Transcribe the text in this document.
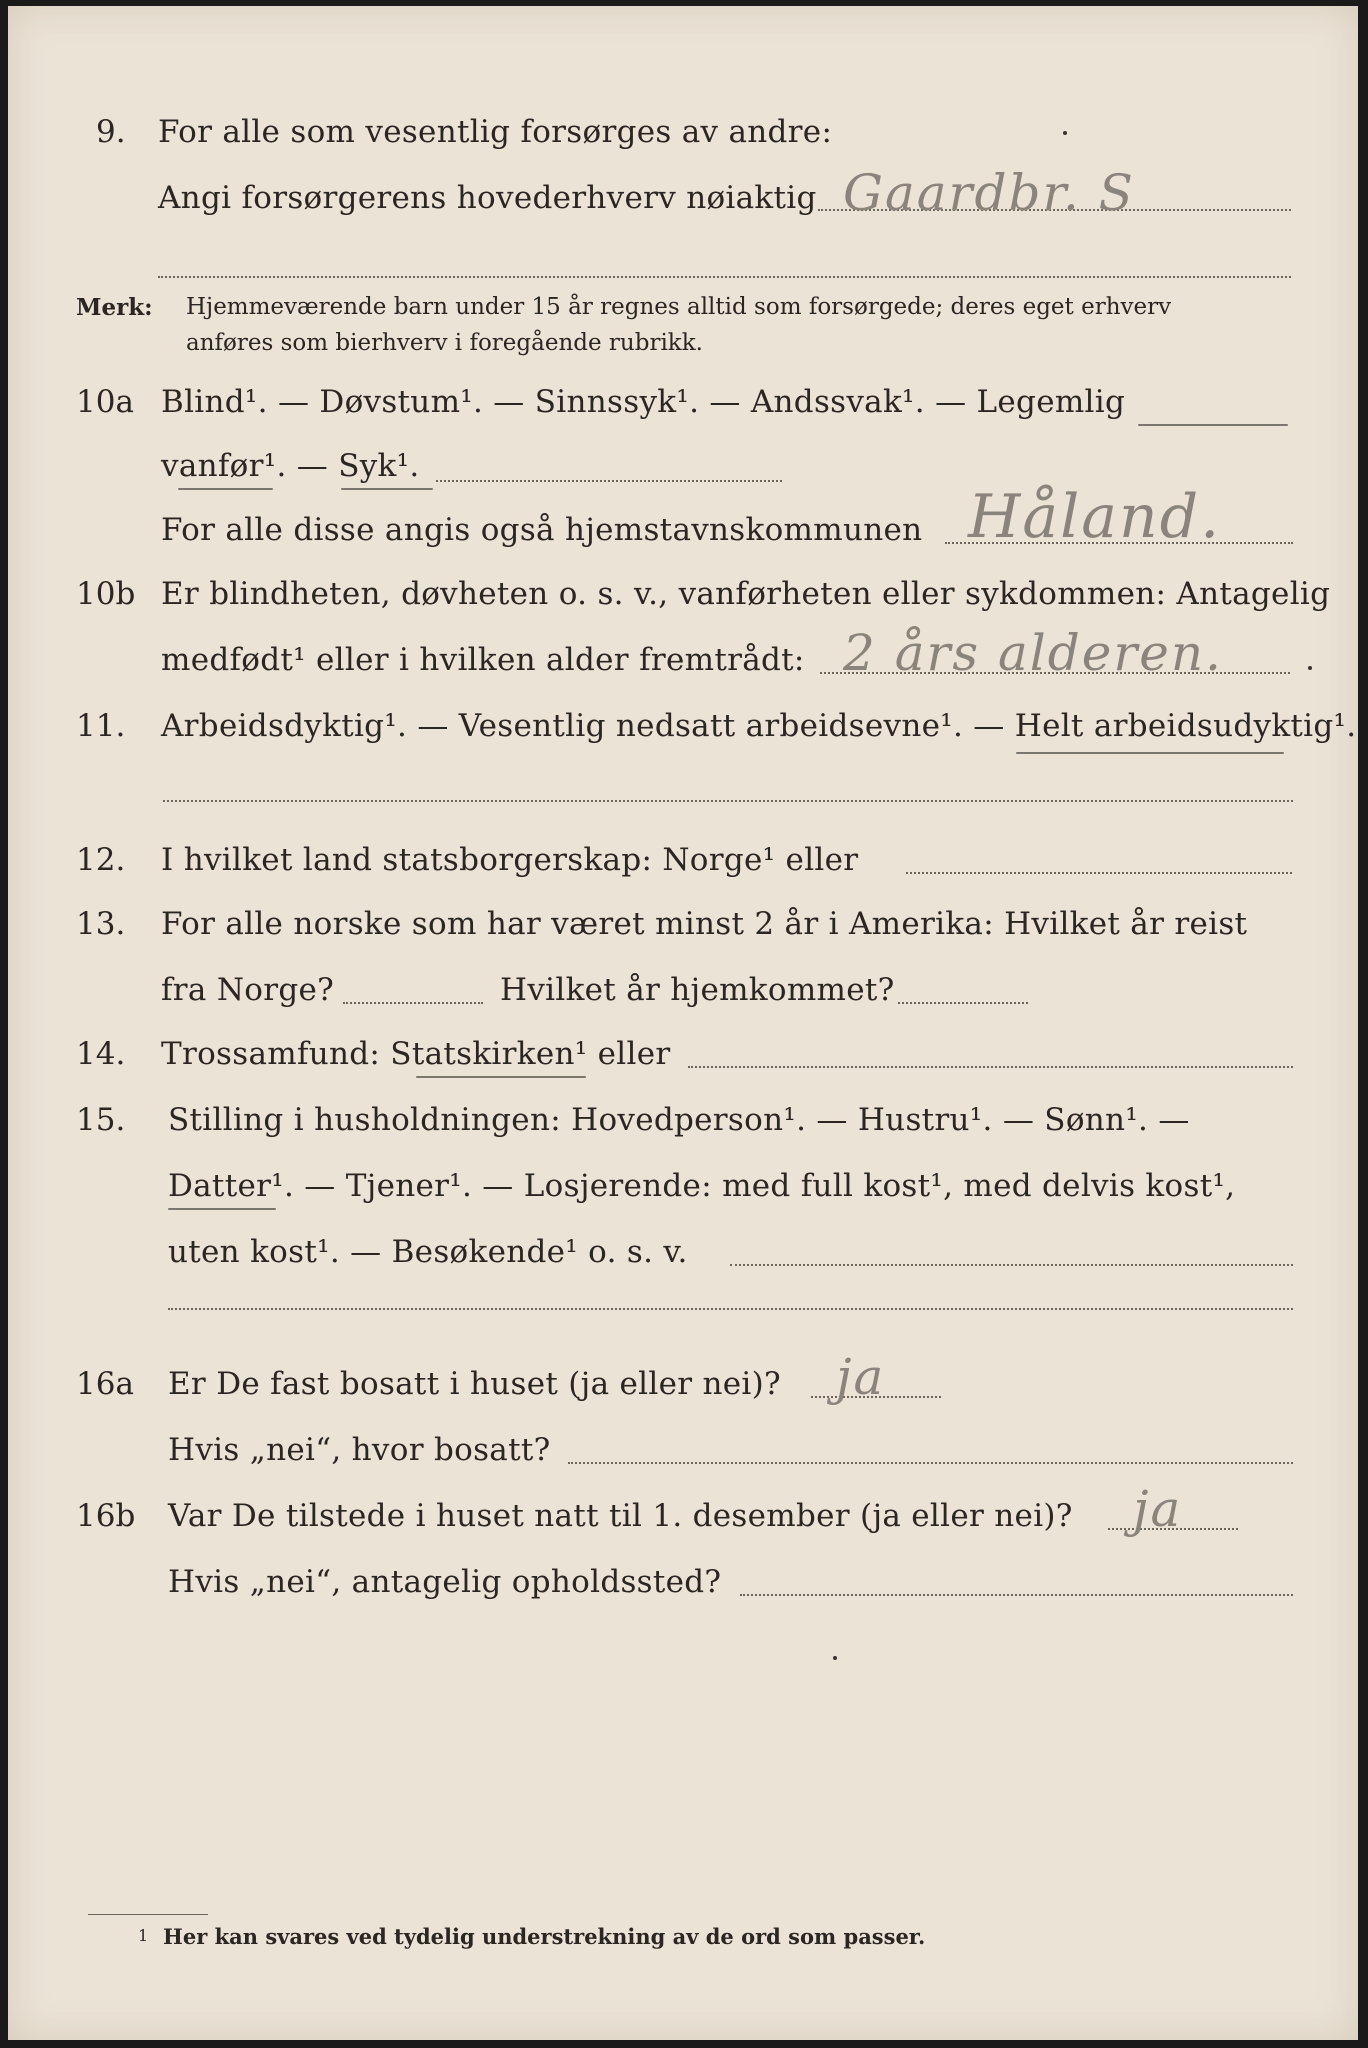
9. For alle som vesentlig forsørges av andre:
Angi forsørgerens hovederhverv nøiaktig Gaardbr. S
Merk: Hjemmeværende barn under 15 år regnes alltid som forsørgede; deres eget erhverv
anføres som bierhverv i foregående rubrikk.
10a Blind¹. — Døvstum¹. — Sinnssyk¹. — Andssvak¹. — Legemlig
vanfør¹. — Syk¹.
For alle disse angis også hjemstavnskommunen Håland.
10b Er blindheten, døvheten o. s. v., vanførheten eller sykdommen: Antagelig
medfødt¹ eller i hvilken alder fremtrådt: 2 års alderen.
11. Arbeidsdyktig¹. — Vesentlig nedsatt arbeidsevne¹. — Helt arbeidsudyktig¹.
12. I hvilket land statsborgerskap: Norge¹ eller
13. For alle norske som har været minst 2 år i Amerika: Hvilket år reist
fra Norge?	Hvilket år hjemkommet?
14. Trossamfund: Statskirken¹ eller
15. Stilling i husholdningen: Hovedperson¹. — Hustru¹. — Sønn¹. —
Datter¹. — Tjener¹. — Losjerende: med full kost¹, med delvis kost¹,
uten kost¹. — Besøkende¹ o. s. v.
16a Er De fast bosatt i huset (ja eller nei)? ja
Hvis „nei“, hvor bosatt?
16b Var De tilstede i huset natt til 1. desember (ja eller nei)? ja
Hvis „nei“, antagelig opholdssted?
1 Her kan svares ved tydelig understrekning av de ord som passer.
